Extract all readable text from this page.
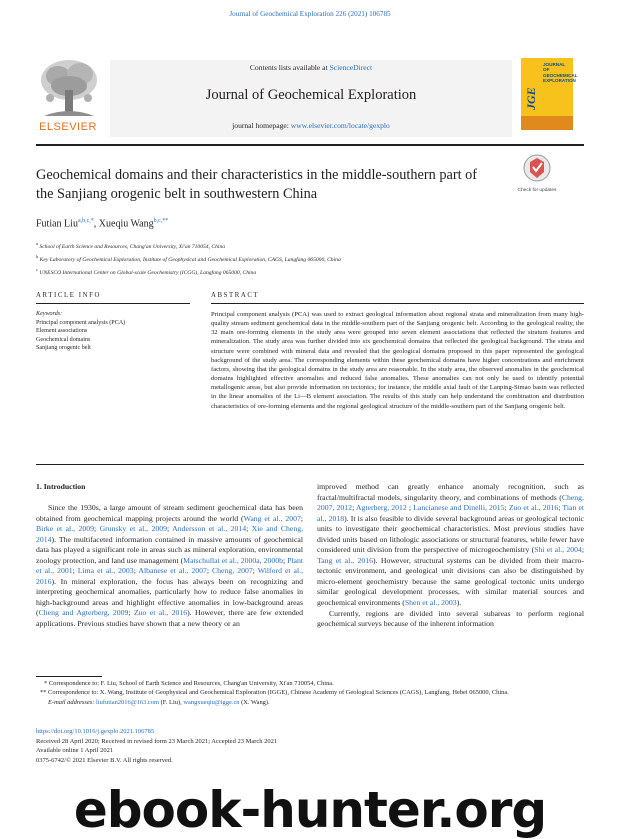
Journal of Geochemical Exploration 226 (2021) 106785
Contents lists available at ScienceDirect
Journal of Geochemical Exploration
journal homepage: www.elsevier.com/locate/gexplo
ELSEVIER
JOURNAL OF GEOCHEMICAL EXPLORATION
JGE
Geochemical domains and their characteristics in the middle-southern part of the Sanjiang orogenic belt in southwestern China	Check for updates
Futian Liu$^{a,b,c,*}$, Xueqiu Wang$^{b,c,**}$
$^a$ School of Earth Science and Resources, Chang'an University, Xi'an 710054, China
$^b$ Key Laboratory of Geochemical Exploration, Institute of Geophysical and Geochemical Exploration, CAGS, Langfang 065000, China
$^c$ UNESCO International Center on Global-scale Geochemistry (ICGG), Langfang 065000, China
ARTICLE INFO	ABSTRACT
Keywords:
Principal component analysis (PCA)
Element associations
Geochemical domains
Sanjiang orogenic belt
Principal component analysis (PCA) was used to extract geological information about regional strata and mineralization from many high-quality stream sediment geochemical data in the middle-southern part of the Sanjiang orogenic belt. According to the geological reality, the 32 main ore-forming elements in the study area were grouped into seven element associations that reflected the stratum features and mineralization. The study area was further divided into six geochemical domains that reflected the geological background. The strata and structure were combined with mineral data and revealed that the geological domains proposed in this paper represented the geological background of the study area. The corresponding elements within these geochemical domains have higher concentrations and enrichment factors, showing that the geological domains in the study area are reasonable. In the study area, the observed anomalies in the geochemical domains highlighted effective anomalies and reduced false anomalies. These anomalies can not only be used to identify potential metallogenic areas, but also provide information on tectonics; for instance, the middle axial fault of the Lanping-Simao basin was reflected in the linear anomalies of the Li—B element association. The results of this study can help understand the combination and distribution characteristics of ore-forming elements and the regional geological structure of the middle-southern part of the Sanjiang orogenic belt.
1. Introduction

Since the 1930s, a large amount of stream sediment geochemical data has been obtained from geochemical mapping projects around the world (Wang et al., 2007; Birke et al., 2009; Grunsky et al., 2009; Andersson et al., 2014; Xie and Cheng, 2014). The multifaceted information contained in massive amounts of geochemical data has played a significant role in areas such as mineral exploration, environmental zoology protection, and land use management (Matschullat et al., 2000a, 2000b; Plant et al., 2001; Lima et al., 2003; Albanese et al., 2007; Cheng, 2007; Wilford et al., 2016). In mineral exploration, the focus has always been on recognizing and interpreting geochemical anomalies, particularly how to reduce false anomalies in high-background areas and highlight effective anomalies in low-background areas (Cheng and Agterberg, 2009; Zuo et al., 2016). However, there are few extended applications. Previous studies have shown that a new theory or an

improved method can greatly enhance anomaly recognition, such as fractal/multifractal models, singularity theory, and combinations of methods (Cheng, 2007, 2012; Agterberg, 2012 ; Lancianese and Dinelli, 2015; Zuo et al., 2016; Tian et al., 2018). It is also feasible to divide several background areas or geological tectonic units to investigate their geochemical characteristics. Most previous studies have divided units based on lithologic associations or structural features, while fewer have considered unit division from the perspective of microgeochemistry (Shi et al., 2004; Tang et al., 2016). However, structural systems can be divided from their macro-tectonic environment, and geological unit divisions can also be distinguished by micro-element geochemistry because the same geological tectonic units undergo similar geological development processes, with similar material sources and geochemical environments (Shen et al., 2003).

Currently, regions are divided into several subareas to perform regional geochemical surveys because of the inherent information

* Correspondence to: F. Liu, School of Earth Science and Resources, Chang'an University, Xi'an 710054, China.

** Correspondence to: X. Wang, Institute of Geophysical and Geochemical Exploration (IGGE), Chinese Academy of Geological Sciences (CAGS), Langfang, Hebei 065000, China.

E-mail addresses: liufutian2016@163.com (F. Liu), wangxueqiu@igge.cn (X. Wang).

https://doi.org/10.1016/j.gexplo.2021.106785

Received 28 April 2020; Received in revised form 23 March 2021; Accepted 23 March 2021

Available online 1 April 2021

0375-6742/© 2021 Elsevier B.V. All rights reserved.

ebook-hunter.org
